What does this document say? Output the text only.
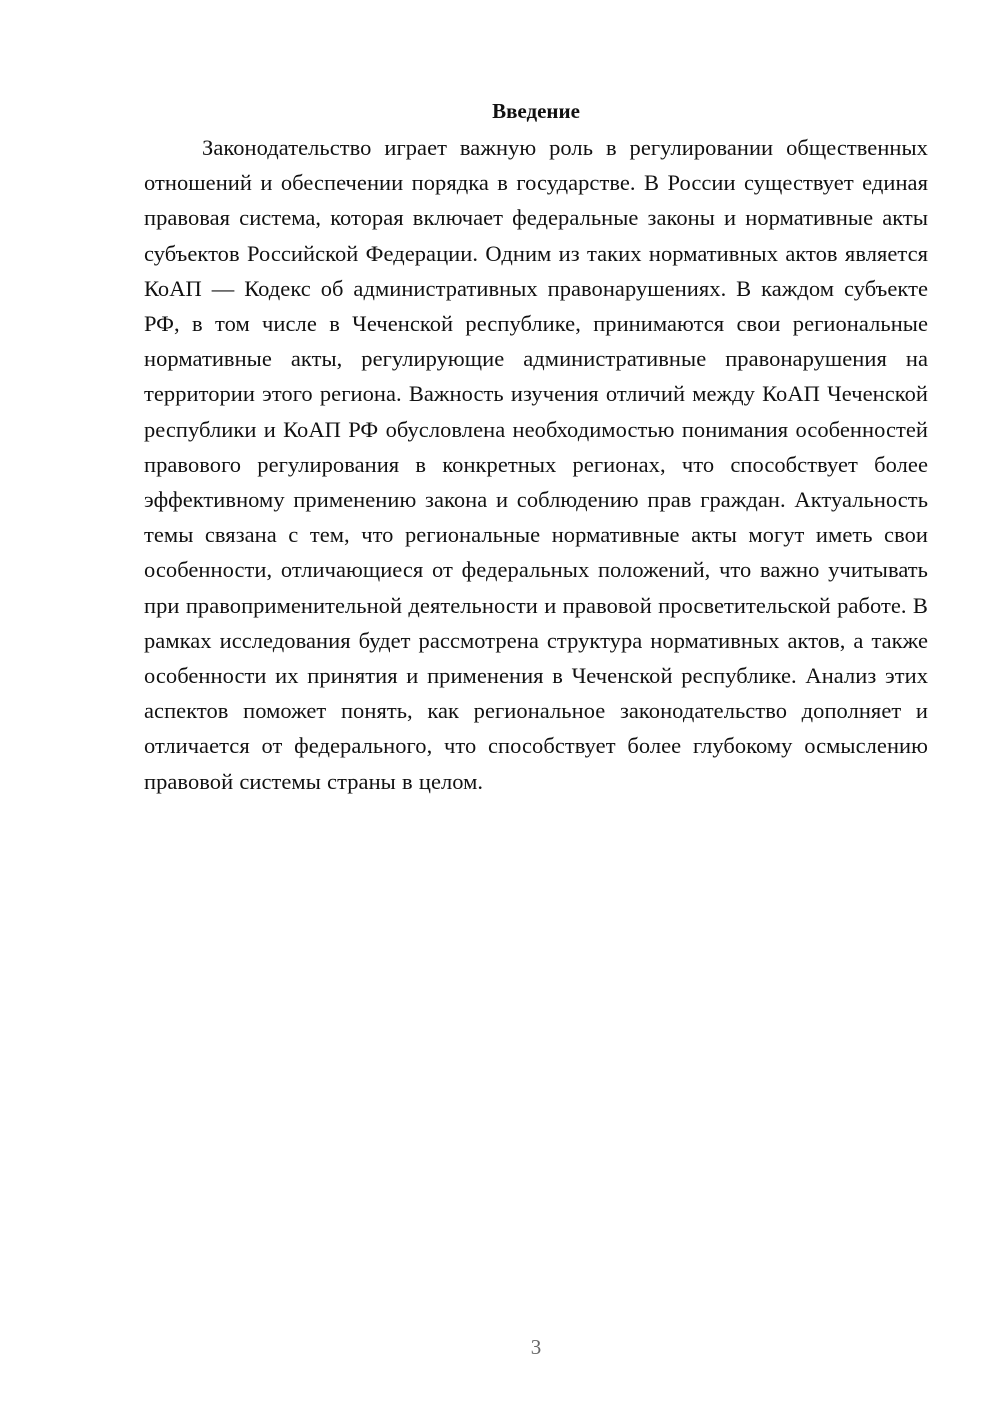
Введение

Законодательство играет важную роль в регулировании общественных отношений и обеспечении порядка в государстве. В России существует единая правовая система, которая включает федеральные законы и нормативные акты субъектов Российской Федерации. Одним из таких нормативных актов является КоАП — Кодекс об административных правонарушениях. В каждом субъекте РФ, в том числе в Чеченской республике, принимаются свои региональные нормативные акты, регулирующие административные правонарушения на территории этого региона. Важность изучения отличий между КоАП Чеченской республики и КоАП РФ обусловлена необходимостью понимания особенностей правового регулирования в конкретных регионах, что способствует более эффективному применению закона и соблюдению прав граждан. Актуальность темы связана с тем, что региональные нормативные акты могут иметь свои особенности, отличающиеся от федеральных положений, что важно учитывать при правоприменительной деятельности и правовой просветительской работе. В рамках исследования будет рассмотрена структура нормативных актов, а также особенности их принятия и применения в Чеченской республике. Анализ этих аспектов поможет понять, как региональное законодательство дополняет и отличается от федерального, что способствует более глубокому осмыслению правовой системы страны в целом.

3
